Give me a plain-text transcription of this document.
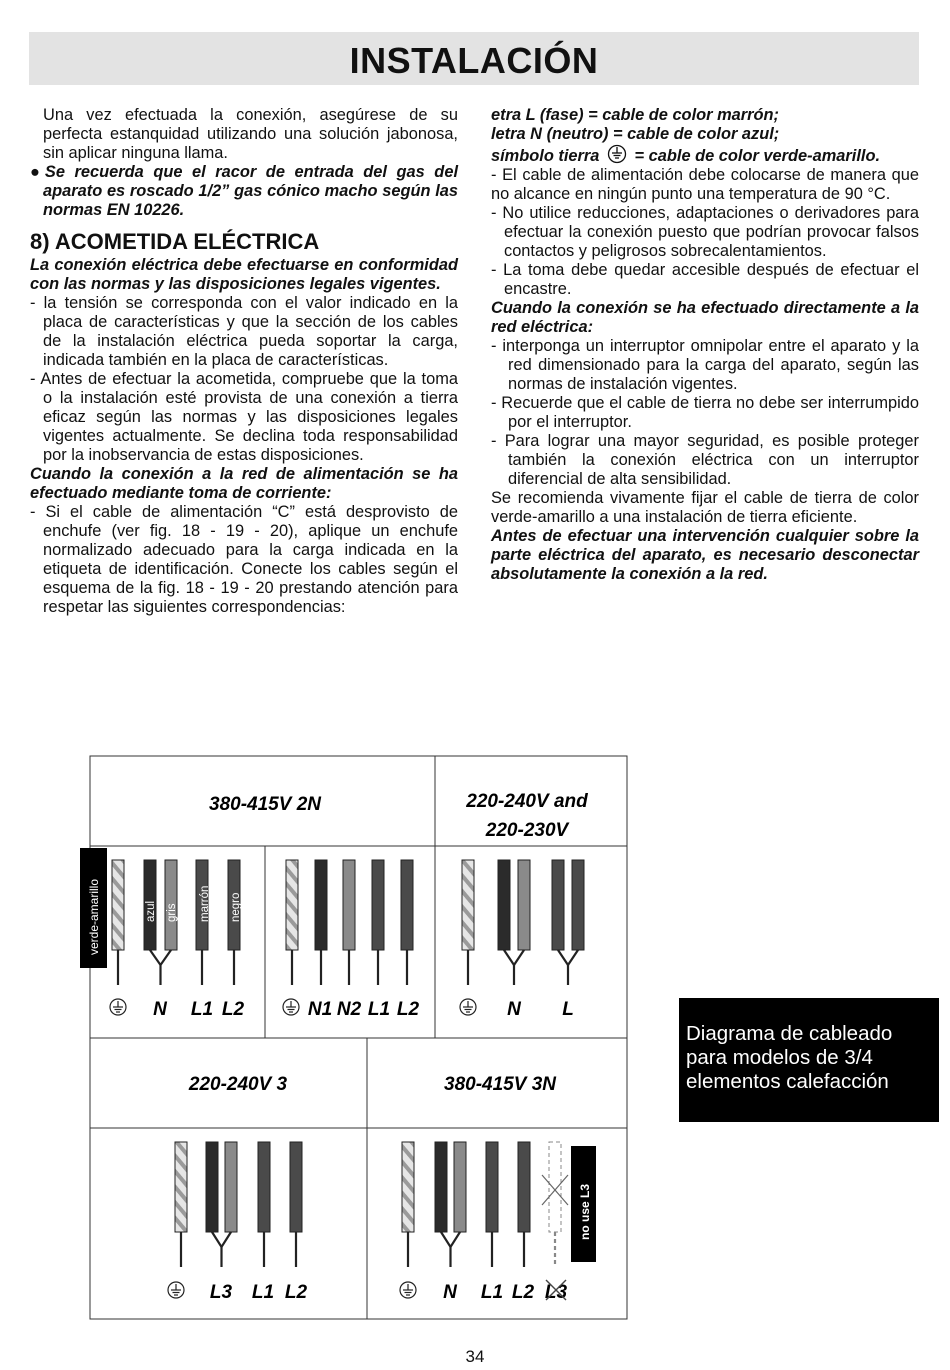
INSTALACIÓN

Una vez efectuada la conexión, asegúrese de su perfecta estanquidad utilizando una solución jabonosa, sin aplicar ninguna llama.

●Se recuerda que el racor de entrada del gas del aparato es roscado 1/2” gas cónico macho según las normas EN 10226.

8) ACOMETIDA ELÉCTRICA

La conexión eléctrica debe efectuarse en conformidad con las normas y las disposiciones legales vigentes.

- la tensión se corresponda con el valor indicado en la placa de características y que la sección de los cables de la instalación eléctrica pueda soportar la carga, indicada también en la placa de características.

- Antes de efectuar la acometida, compruebe que la toma o la instalación esté provista de una conexión a tierra eficaz según las normas y las disposiciones legales vigentes actualmente. Se declina toda responsabilidad por la inobservancia de estas disposiciones.

Cuando la conexión a la red de alimentación se ha efectuado mediante toma de corriente:

- Si el cable de alimentación “C” está desprovisto de enchufe (ver fig. 18 - 19 - 20), aplique un enchufe normalizado adecuado para la carga indicada en la etiqueta de identificación. Conecte los cables según el esquema de la fig. 18 - 19 - 20 prestando atención para respetar las siguientes correspondencias:

etra L (fase) = cable de color marrón;

letra N (neutro) = cable de color azul;

símbolo tierra = cable de color verde-amarillo.

- El cable de alimentación debe colocarse de manera que no alcance en ningún punto una temperatura de 90 °C.

- No utilice reducciones, adaptaciones o derivadores para efectuar la conexión puesto que podrían provocar falsos contactos y peligrosos sobrecalentamientos.

- La toma debe quedar accesible después de efectuar el encastre.

Cuando la conexión se ha efectuado directamente a la red eléctrica:

- interponga un interruptor omnipolar entre el aparato y la red dimensionado para la carga del aparato, según las normas de instalación vigentes.

- Recuerde que el cable de tierra no debe ser interrumpido por el interruptor.

- Para lograr una mayor seguridad, es posible proteger también la conexión eléctrica con un interruptor diferencial de alta sensibilidad.

Se recomienda vivamente fijar el cable de tierra de color verde-amarillo a una instalación de tierra eficiente.

Antes de efectuar una intervención cualquier sobre la parte eléctrica del aparato, es necesario desconectar absolutamente la conexión a la red.

N L1 L2
azul gris marrón negro
N1 N2 L1 L2	N L
L3 L1 L2	N L1 L2 L3
380-415V 2N	220-240V and
220-230V
220-240V 3	380-415V 3N
verde-amarillo
no use L3
Diagrama de cableado para modelos de 3/4 elementos calefacción
34
